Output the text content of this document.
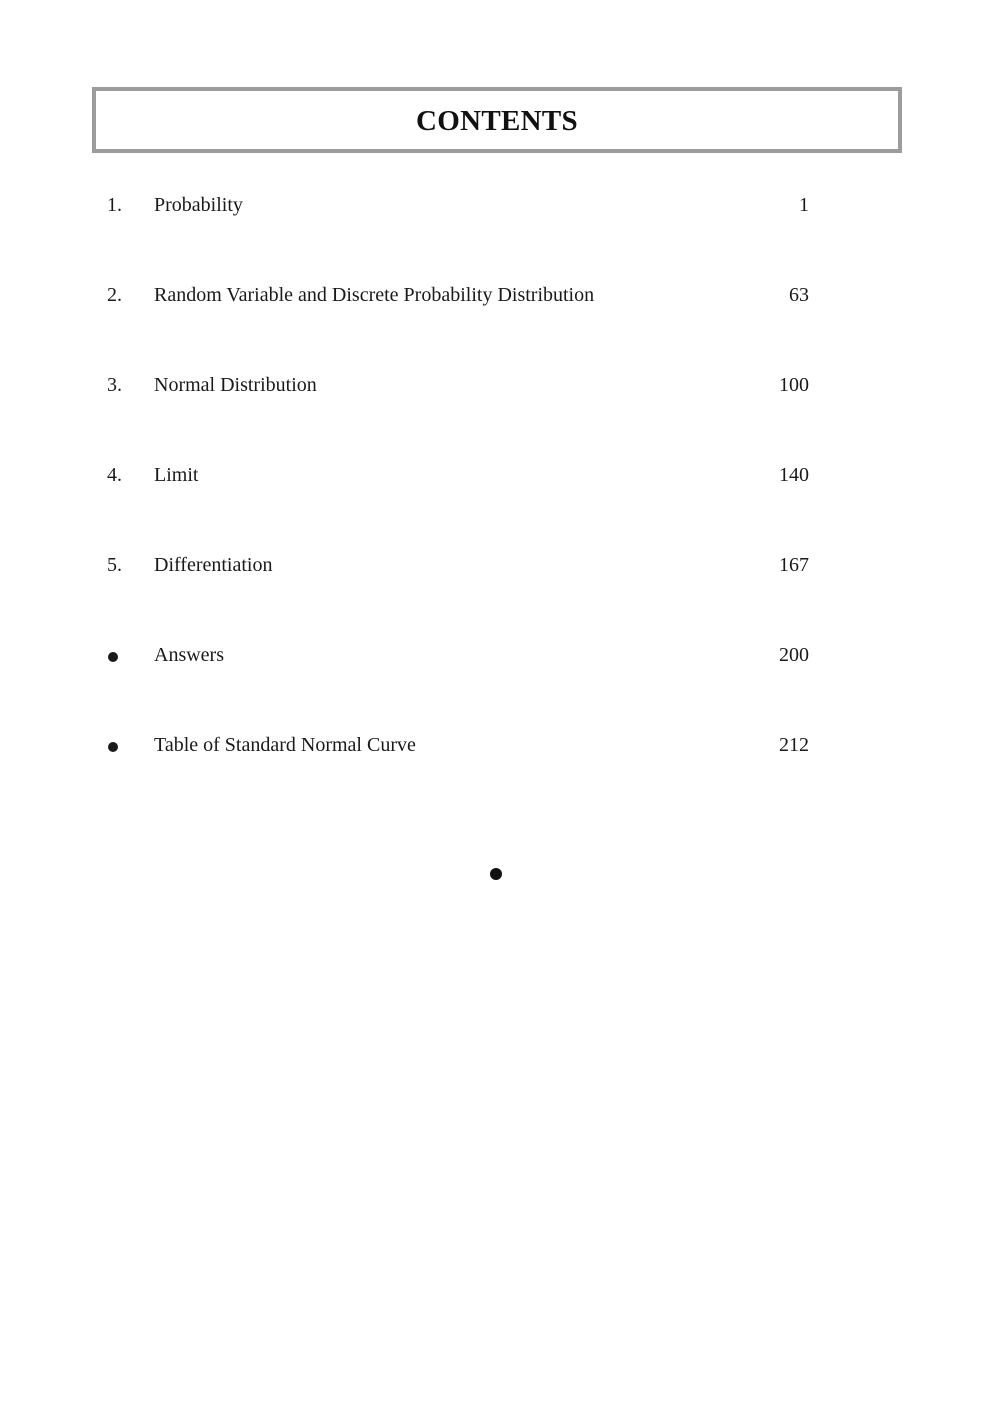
CONTENTS
1. Probability	1
2. Random Variable and Discrete Probability Distribution	63
3. Normal Distribution	100
4. Limit	140
5. Differentiation	167
Answers	200
Table of Standard Normal Curve	212
